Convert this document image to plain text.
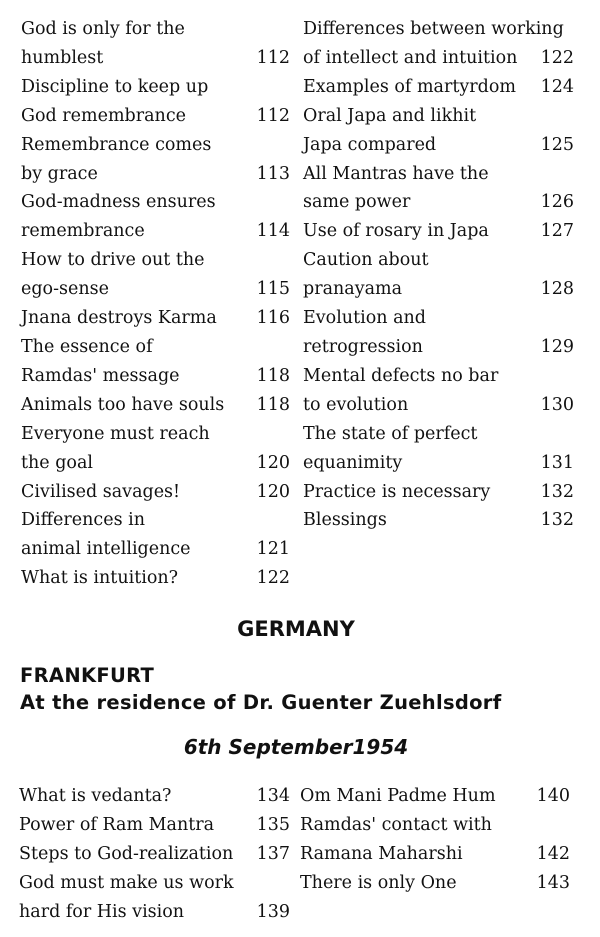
God is only for the
humblest	112
Discipline to keep up
God remembrance	112
Remembrance comes
by grace	113
God-madness ensures
remembrance	114
How to drive out the
ego-sense	115
Jnana destroys Karma 116
The essence of
Ramdas' message	118
Animals too have souls 118
Everyone must reach
the goal	120
Civilised savages!	120
Differences in
animal intelligence	121
What is intuition?	122
Differences between working
of intellect and intuition 122
Examples of martyrdom 124
Oral Japa and likhit
Japa compared	125
All Mantras have the
same power	126
Use of rosary in Japa	127
Caution about
pranayama	128
Evolution and
retrogression	129
Mental defects no bar
to evolution	130
The state of perfect
equanimity	131
Practice is necessary	132
Blessings	132
GERMANY
FRANKFURT
At the residence of Dr. Guenter Zuehlsdorf
6th September1954
What is vedanta?	134
Power of Ram Mantra 135
Steps to God-realization 137
God must make us work
hard for His vision	139
Om Mani Padme Hum 140
Ramdas' contact with
Ramana Maharshi	142
There is only One	143
